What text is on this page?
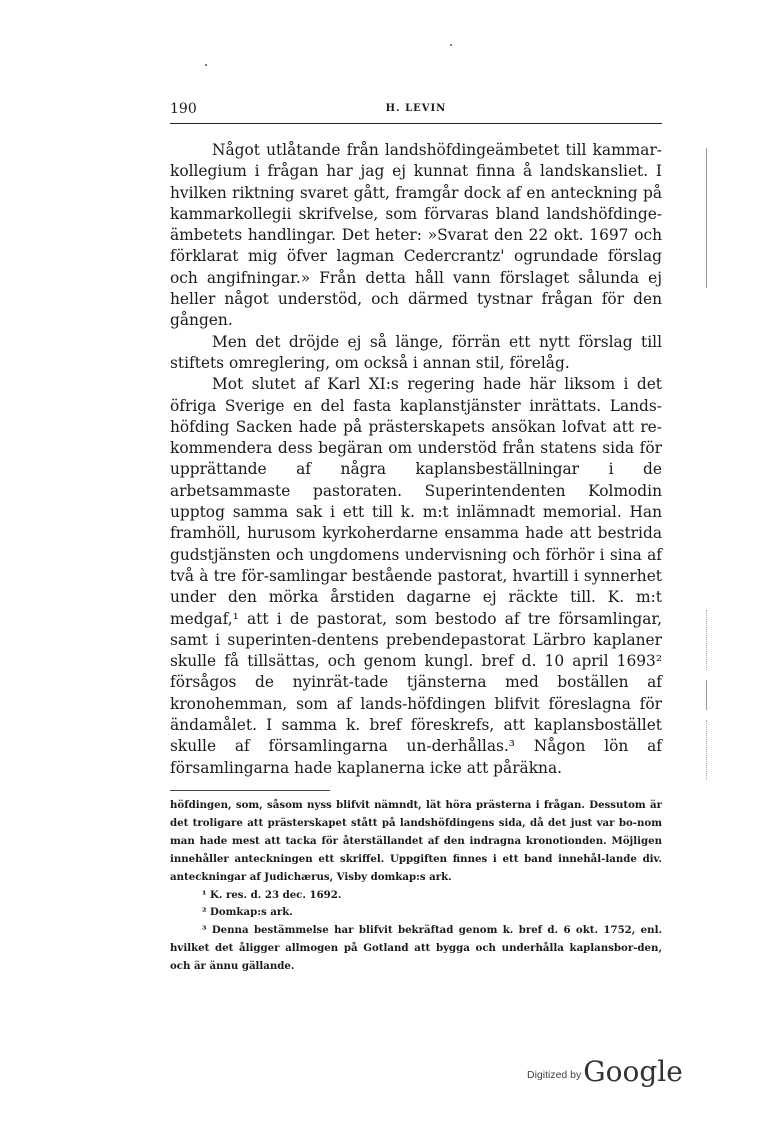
190	H. LEVIN

Något utlåtande från landshöfdingeämbetet till kammar-kollegium i frågan har jag ej kunnat finna å landskansliet. I hvilken riktning svaret gått, framgår dock af en anteckning på kammarkollegii skrifvelse, som förvaras bland landshöfdinge-ämbetets handlingar. Det heter: »Svarat den 22 okt. 1697 och förklarat mig öfver lagman Cedercrantz' ogrundade förslag och angifningar.» Från detta håll vann förslaget sålunda ej heller något understöd, och därmed tystnar frågan för den gången.

Men det dröjde ej så länge, förrän ett nytt förslag till stiftets omreglering, om också i annan stil, förelåg.

Mot slutet af Karl XI:s regering hade här liksom i det öfriga Sverige en del fasta kaplanstjänster inrättats. Lands-höfding Sacken hade på prästerskapets ansökan lofvat att re-kommendera dess begäran om understöd från statens sida för upprättande af några kaplansbeställningar i de arbetsammaste pastoraten. Superintendenten Kolmodin upptog samma sak i ett till k. m:t inlämnadt memorial. Han framhöll, hurusom kyrkoherdarne ensamma hade att bestrida gudstjänsten och ungdomens undervisning och förhör i sina af två à tre för-samlingar bestående pastorat, hvartill i synnerhet under den mörka årstiden dagarne ej räckte till. K. m:t medgaf,¹ att i de pastorat, som bestodo af tre församlingar, samt i superinten-dentens prebendepastorat Lärbro kaplaner skulle få tillsättas, och genom kungl. bref d. 10 april 1693² försågos de nyinrät-tade tjänsterna med boställen af kronohemman, som af lands-höfdingen blifvit föreslagna för ändamålet. I samma k. bref föreskrefs, att kaplansbostället skulle af församlingarna un-derhållas.³ Någon lön af församlingarna hade kaplanerna icke att påräkna.

höfdingen, som, såsom nyss blifvit nämndt, lät höra prästerna i frågan. Dessutom är det troligare att prästerskapet stått på landshöfdingens sida, då det just var bo-nom man hade mest att tacka för återställandet af den indragna kronotionden. Möjligen innehåller anteckningen ett skriffel. Uppgiften finnes i ett band innehål-lande div. anteckningar af Judichærus, Visby domkap:s ark.

¹ K. res. d. 23 dec. 1692.

² Domkap:s ark.

³ Denna bestämmelse har blifvit bekräftad genom k. bref d. 6 okt. 1752, enl. hvilket det åligger allmogen på Gotland att bygga och underhålla kaplansbor-den, och är ännu gällande.

Digitized by Google
